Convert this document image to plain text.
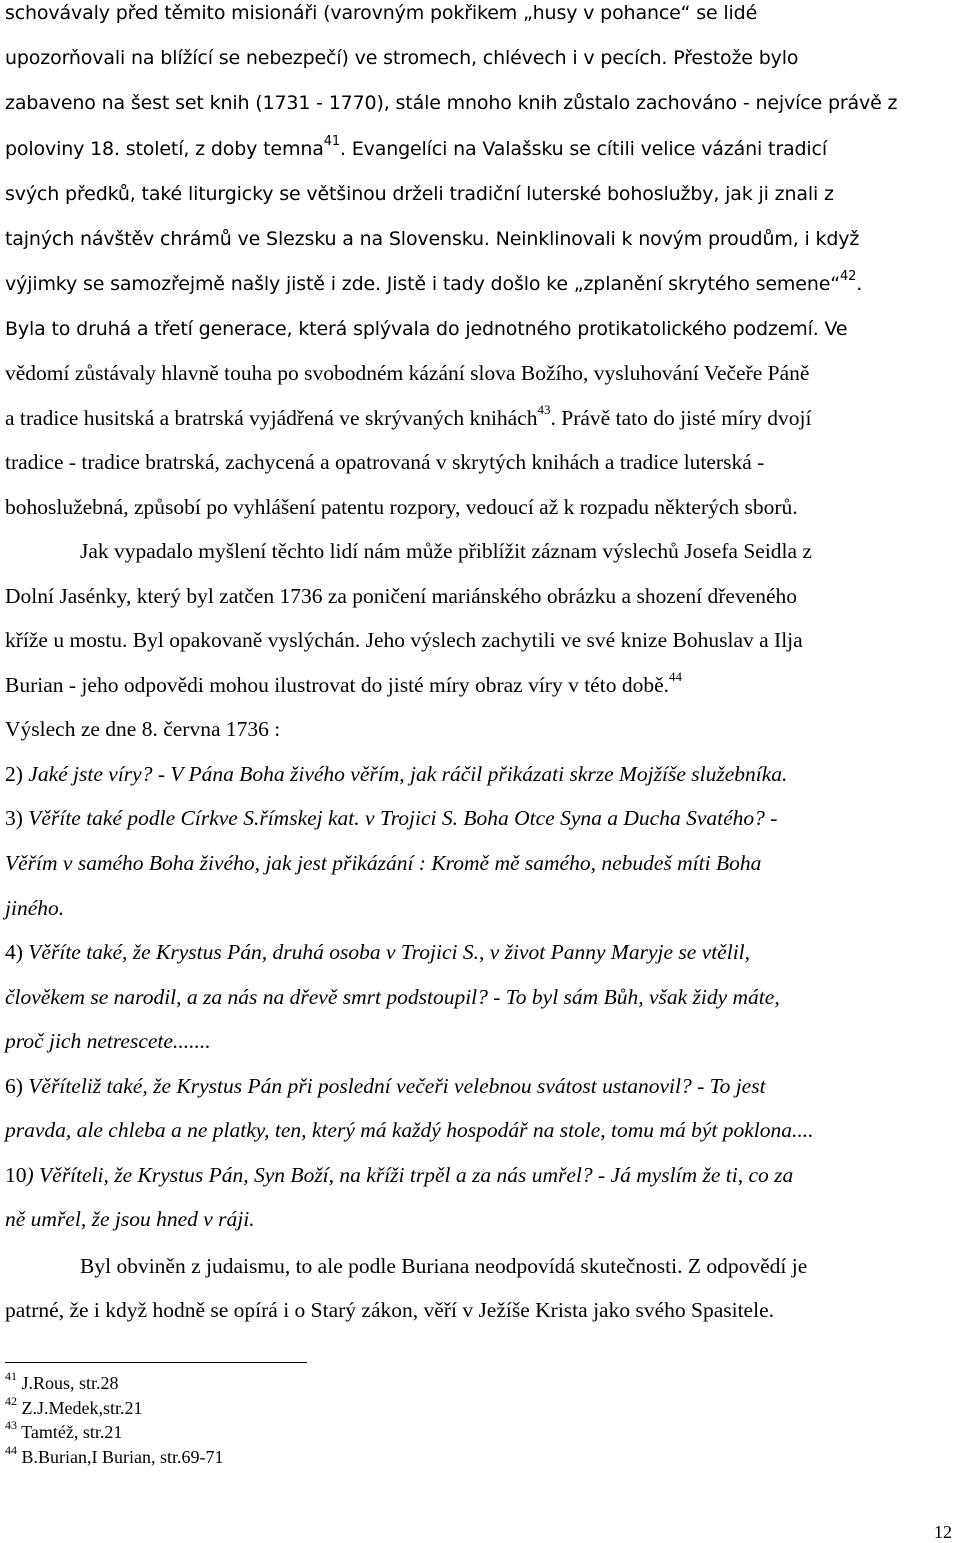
schovávaly před těmito misionáři (varovným pokřikem „husy v pohance“ se lidé
upozorňovali na blížící se nebezpečí) ve stromech, chlévech i v pecích. Přestože bylo
zabaveno na šest set knih (1731 - 1770), stále mnoho knih zůstalo zachováno - nejvíce právě z
poloviny 18. století, z doby temna$^{41}$. Evangelíci na Valašsku se cítili velice vázáni tradicí
svých předků, také liturgicky se většinou drželi tradiční luterské bohoslužby, jak ji znali z
tajných návštěv chrámů ve Slezsku a na Slovensku. Neinklinovali k novým proudům, i když
výjimky se samozřejmě našly jistě i zde. Jistě i tady došlo ke „zplanění skrytého semene“$^{42}$.
Byla to druhá a třetí generace, která splývala do jednotného protikatolického podzemí. Ve
vědomí zůstávaly hlavně touha po svobodném kázání slova Božího, vysluhování Večeře Páně
a tradice husitská a bratrská vyjádřená ve skrývaných knihách$^{43}$. Právě tato do jisté míry dvojí
tradice - tradice bratrská, zachycená a opatrovaná v skrytých knihách a tradice luterská -
bohoslužebná, způsobí po vyhlášení patentu rozpory, vedoucí až k rozpadu některých sborů.
Jak vypadalo myšlení těchto lidí nám může přiblížit záznam výslechů Josefa Seidla z
Dolní Jasénky, který byl zatčen 1736 za poničení mariánského obrázku a shození dřeveného
kříže u mostu. Byl opakovaně vyslýchán. Jeho výslech zachytili ve své knize Bohuslav a Ilja
Burian - jeho odpovědi mohou ilustrovat do jisté míry obraz víry v této době.$^{44}$
Výslech ze dne 8. června 1736 :
2) Jaké jste víry? - V Pána Boha živého věřím, jak ráčil přikázati skrze Mojžíše služebníka.
3) Věříte také podle Církve S.římskej kat. v Trojici S. Boha Otce Syna a Ducha Svatého? -
Věřím v samého Boha živého, jak jest přikázání : Kromě mě samého, nebudeš míti Boha
jiného.
4) Věříte také, že Krystus Pán, druhá osoba v Trojici S., v život Panny Maryje se vtělil,
člověkem se narodil, a za nás na dřevě smrt podstoupil? - To byl sám Bůh, však židy máte,
proč jich netrescete.......
6) Věříteliž také, že Krystus Pán při poslední večeři velebnou svátost ustanovil? - To jest
pravda, ale chleba a ne platky, ten, který má každý hospodář na stole, tomu má být poklona....
10) Věříteli, že Krystus Pán, Syn Boží, na kříži trpěl a za nás umřel? - Já myslím že ti, co za
ně umřel, že jsou hned v ráji.
Byl obviněn z judaismu, to ale podle Buriana neodpovídá skutečnosti. Z odpovědí je
patrné, že i když hodně se opírá i o Starý zákon, věří v Ježíše Krista jako svého Spasitele.
$^{41}$ J.Rous, str.28
$^{42}$ Z.J.Medek,str.21
$^{43}$ Tamtéž, str.21
$^{44}$ B.Burian,I Burian, str.69-71
12
